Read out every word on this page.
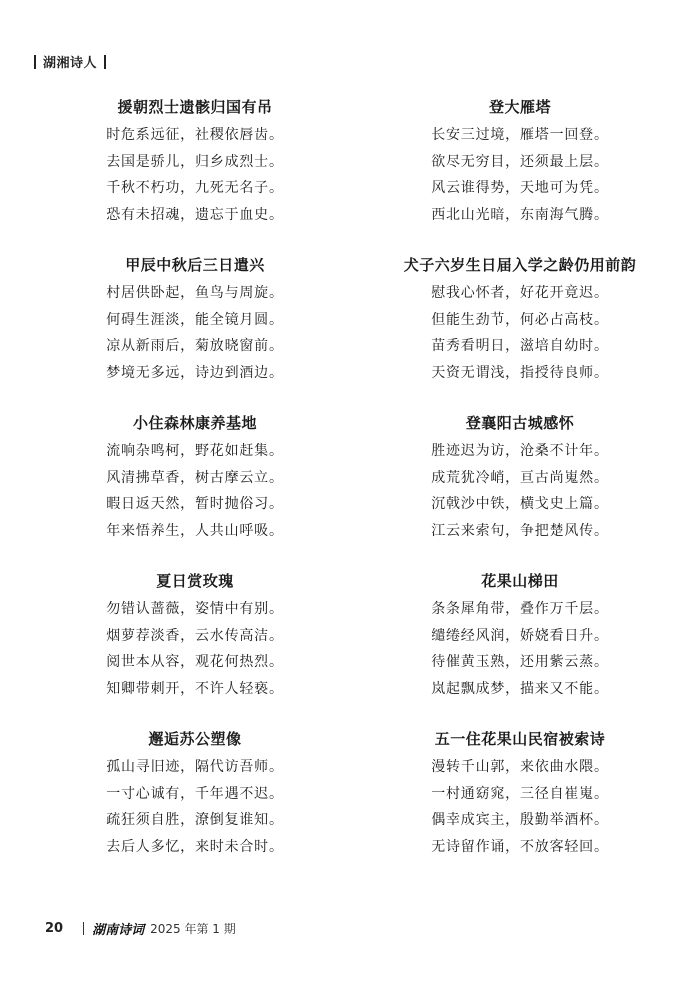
湖湘诗人
援朝烈士遗骸归国有吊
时危系远征，社稷依唇齿。
去国是骄儿，归乡成烈士。
千秋不朽功，九死无名子。
恐有未招魂，遗忘于血史。
甲辰中秋后三日遣兴
村居供卧起，鱼鸟与周旋。
何碍生涯淡，能全镜月圆。
凉从新雨后，菊放晓窗前。
梦境无多远，诗边到酒边。
小住森林康养基地
流响杂鸣柯，野花如赶集。
风清拂草香，树古摩云立。
暇日返天然，暂时抛俗习。
年来悟养生，人共山呼吸。
夏日赏玫瑰
勿错认蔷薇，姿情中有别。
烟萝荐淡香，云水传高洁。
阅世本从容，观花何热烈。
知卿带刺开，不许人轻亵。
邂逅苏公塑像
孤山寻旧迹，隔代访吾师。
一寸心诚有，千年遇不迟。
疏狂须自胜，潦倒复谁知。
去后人多忆，来时未合时。
登大雁塔
长安三过境，雁塔一回登。
欲尽无穷目，还须最上层。
风云谁得势，天地可为凭。
西北山光暗，东南海气腾。
犬子六岁生日届入学之龄仍用前韵
慰我心怀者，好花开竟迟。
但能生劲节，何必占高枝。
苗秀看明日，滋培自幼时。
天资无谓浅，指授待良师。
登襄阳古城感怀
胜迹迟为访，沧桑不计年。
成荒犹冷峭，亘古尚嵬然。
沉戟沙中铁，横戈史上篇。
江云来索句，争把楚风传。
花果山梯田
条条犀角带，叠作万千层。
缱绻经风润，娇娆看日升。
待催黄玉熟，还用紫云蒸。
岚起飘成梦，描来又不能。
五一住花果山民宿被索诗
漫转千山郭，来依曲水隈。
一村通窈窕，三径自崔嵬。
偶幸成宾主，殷勤举酒杯。
无诗留作诵，不放客轻回。
20 湖南诗词 2025 年第 1 期
